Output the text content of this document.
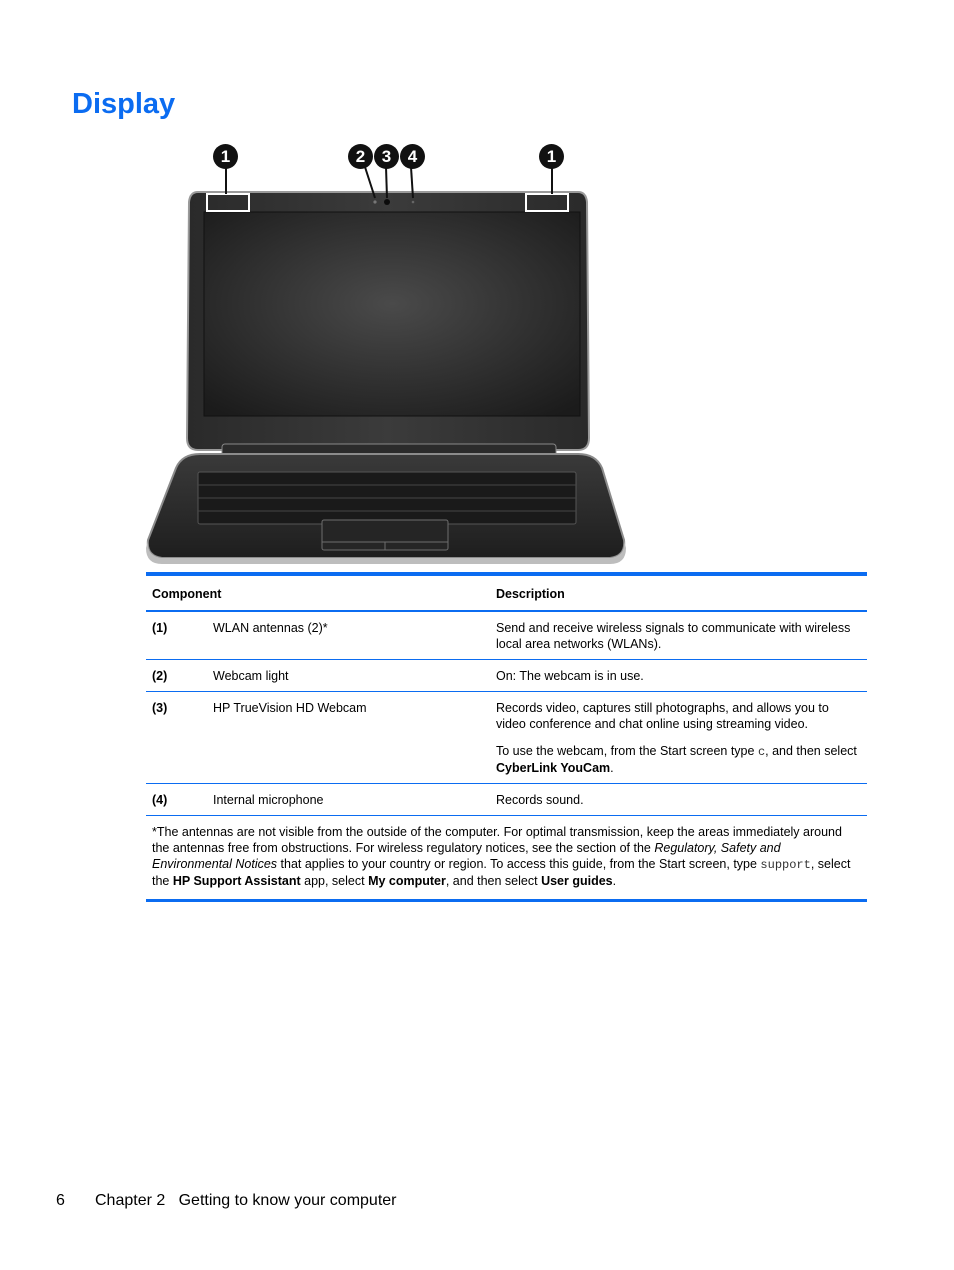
Display
1	2 3 4	1
Component		Description
(1)	WLAN antennas (2)*	Send and receive wireless signals to communicate with wireless local area networks (WLANs).

(2)	Webcam light	On: The webcam is in use.

(3)	HP TrueVision HD Webcam	Records video, captures still photographs, and allows you to video conference and chat online using streaming video.

To use the webcam, from the Start screen type c, and then select CyberLink YouCam.

(4)	Internal microphone	Records sound.

*The antennas are not visible from the outside of the computer. For optimal transmission, keep the areas immediately around the antennas free from obstructions. For wireless regulatory notices, see the section of the Regulatory, Safety and Environmental Notices that applies to your country or region. To access this guide, from the Start screen, type support, select the HP Support Assistant app, select My computer, and then select User guides.		
6 Chapter 2   Getting to know your computer
